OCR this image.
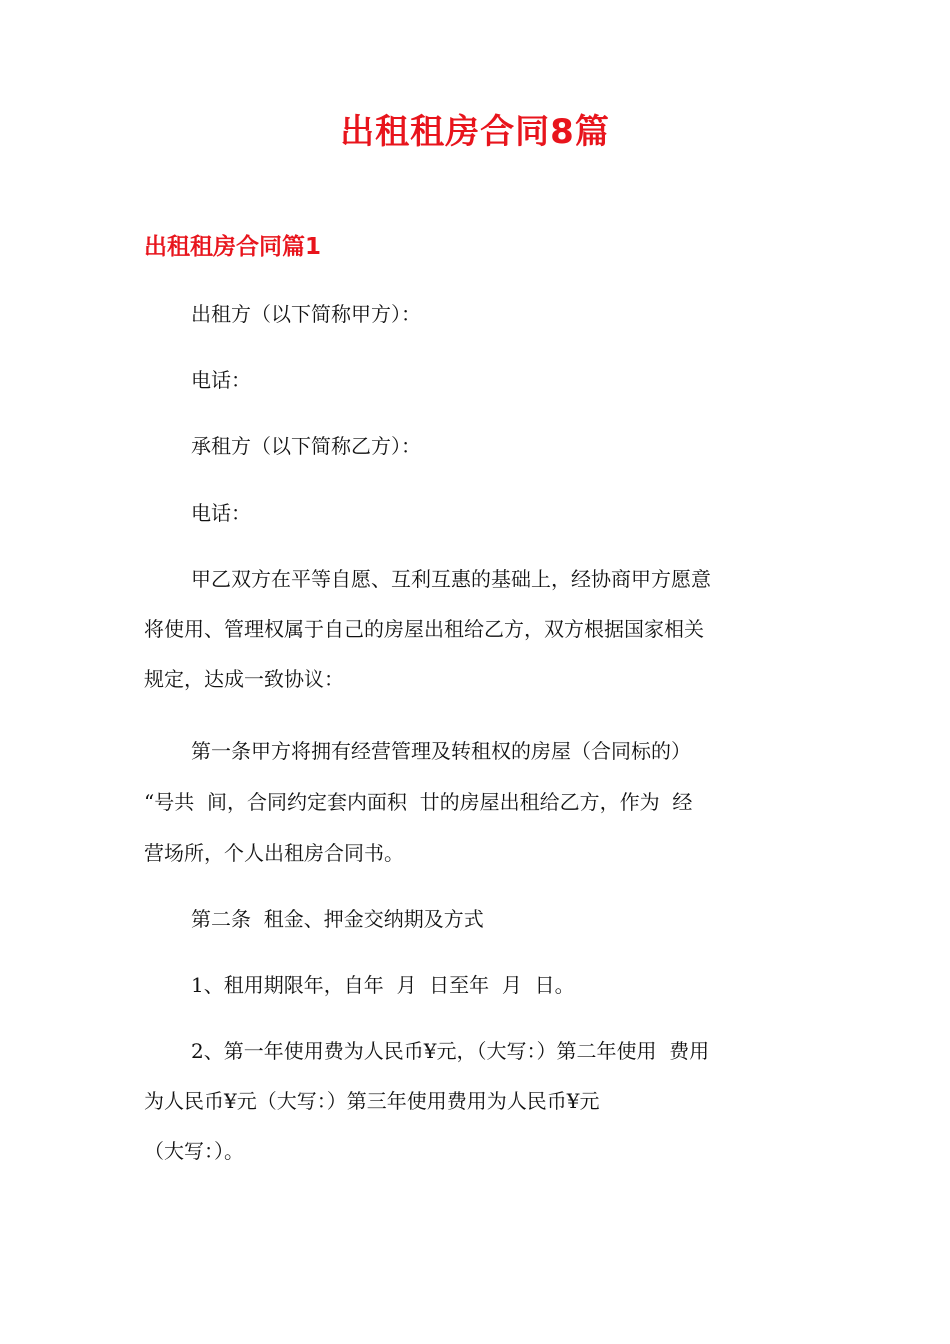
出租租房合同8篇
出租租房合同篇1
出租方（以下简称甲方）：
电话：
承租方（以下简称乙方）：
电话：
甲乙双方在平等自愿、互利互惠的基础上，经协商甲方愿意
将使用、管理权属于自己的房屋出租给乙方，双方根据国家相关
规定，达成一致协议：
第一条甲方将拥有经营管理及转租权的房屋（合同标的）
“号共  间，合同约定套内面积  廿的房屋出租给乙方，作为  经
营场所，个人出租房合同书。
第二条  租金、押金交纳期及方式
1、租用期限年，自年  月  日至年  月  日。
2、第一年使用费为人民币¥元，（大写：）第二年使用  费用
为人民币¥元（大写：）第三年使用费用为人民币¥元
（大写：）。
